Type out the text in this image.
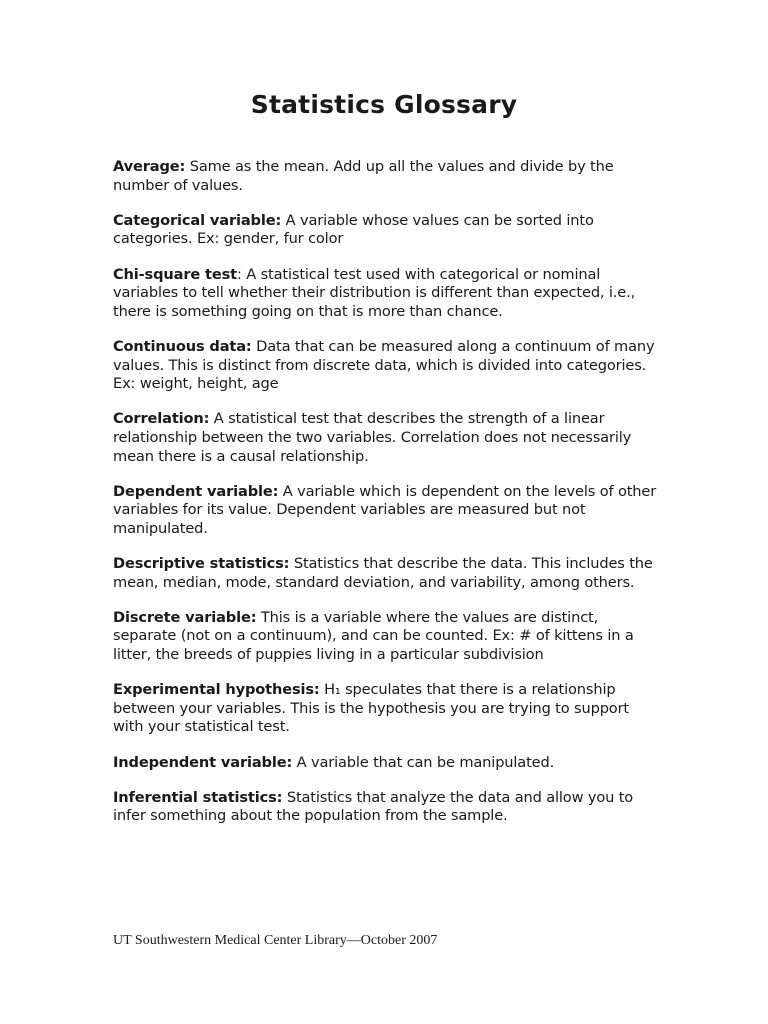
Statistics Glossary

Average: Same as the mean. Add up all the values and divide by the number of values.

Categorical variable: A variable whose values can be sorted into categories. Ex: gender, fur color

Chi-square test: A statistical test used with categorical or nominal variables to tell whether their distribution is different than expected, i.e., there is something going on that is more than chance.

Continuous data: Data that can be measured along a continuum of many values. This is distinct from discrete data, which is divided into categories. Ex: weight, height, age

Correlation: A statistical test that describes the strength of a linear relationship between the two variables. Correlation does not necessarily mean there is a causal relationship.

Dependent variable: A variable which is dependent on the levels of other variables for its value. Dependent variables are measured but not manipulated.

Descriptive statistics: Statistics that describe the data. This includes the mean, median, mode, standard deviation, and variability, among others.

Discrete variable: This is a variable where the values are distinct, separate (not on a continuum), and can be counted. Ex: # of kittens in a litter, the breeds of puppies living in a particular subdivision

Experimental hypothesis: H₁ speculates that there is a relationship between your variables. This is the hypothesis you are trying to support with your statistical test.

Independent variable: A variable that can be manipulated.

Inferential statistics: Statistics that analyze the data and allow you to infer something about the population from the sample.

UT Southwestern Medical Center Library—October 2007
